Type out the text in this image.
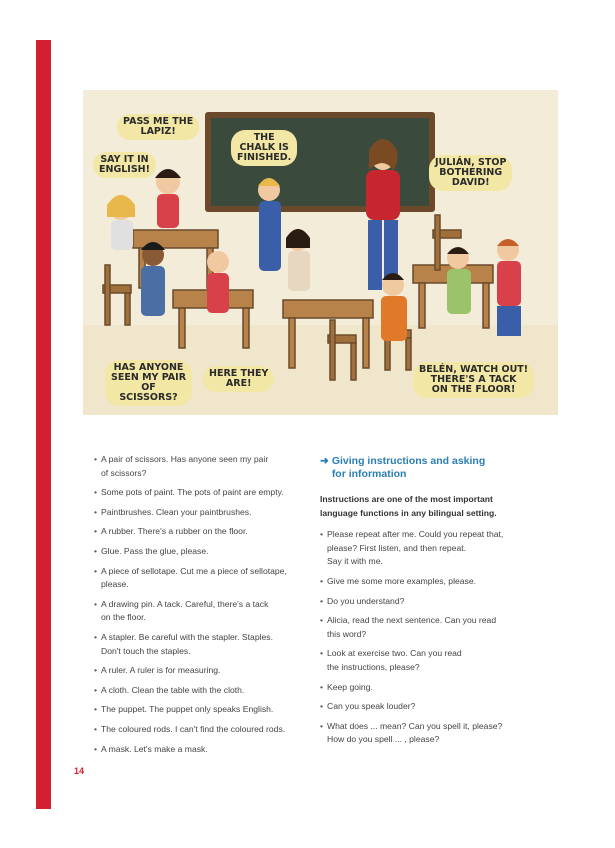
PASS ME THE
LAPIZ!
SAY IT IN
ENGLISH!
THE
CHALK IS
FINISHED.	JULIÁN, STOP
BOTHERING
DAVID!
HAS ANYONE
SEEN MY PAIR
OF
SCISSORS?
HERE THEY
ARE!
BELÉN, WATCH OUT!
THERE'S A TACK
ON THE FLOOR!
• A pair of scissors. Has anyone seen my pair
of scissors?
• Some pots of paint. The pots of paint are empty.
• Paintbrushes. Clean your paintbrushes.
• A rubber. There's a rubber on the floor.
• Glue. Pass the glue, please.
• A piece of sellotape. Cut me a piece of sellotape,
please.
• A drawing pin. A tack. Careful, there's a tack
on the floor.
• A stapler. Be careful with the stapler. Staples.
Don't touch the staples.
• A ruler. A ruler is for measuring.
• A cloth. Clean the table with the cloth.
• The puppet. The puppet only speaks English.
• The coloured rods. I can't find the coloured rods.
• A mask. Let's make a mask.
➜ Giving instructions and asking
for information
Instructions are one of the most important language functions in any bilingual setting.
• Please repeat after me. Could you repeat that,
please? First listen, and then repeat.
Say it with me.
• Give me some more examples, please.
• Do you understand?
• Alicia, read the next sentence. Can you read
this word?
• Look at exercise two. Can you read
the instructions, please?
• Keep going.
• Can you speak louder?
• What does ... mean? Can you spell it, please?
How do you spell ... , please?
14
